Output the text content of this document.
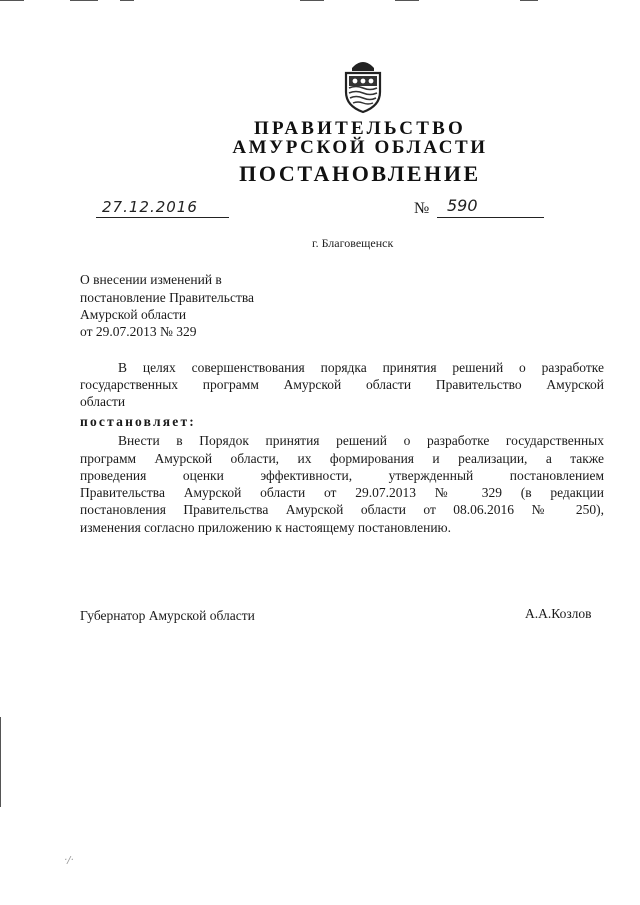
ПРАВИТЕЛЬСТВО
АМУРСКОЙ ОБЛАСТИ
ПОСТАНОВЛЕНИЕ
27.12.2016	№ 590
г. Благовещенск
О внесении изменений в
постановление Правительства
Амурской области
от 29.07.2013 № 329
В целях совершенствования порядка принятия решений о разработке
государственных программ Амурской области Правительство Амурской
области
постановляет:
Внести в Порядок принятия решений о разработке государственных
программ Амурской области, их формирования и реализации, а также
проведения оценки эффективности, утвержденный постановлением
Правительства Амурской области от 29.07.2013 № 329 (в редакции
постановления Правительства Амурской области от 08.06.2016 № 250),
изменения согласно приложению к настоящему постановлению.
Губернатор Амурской области	А.А.Козлов
·/·
